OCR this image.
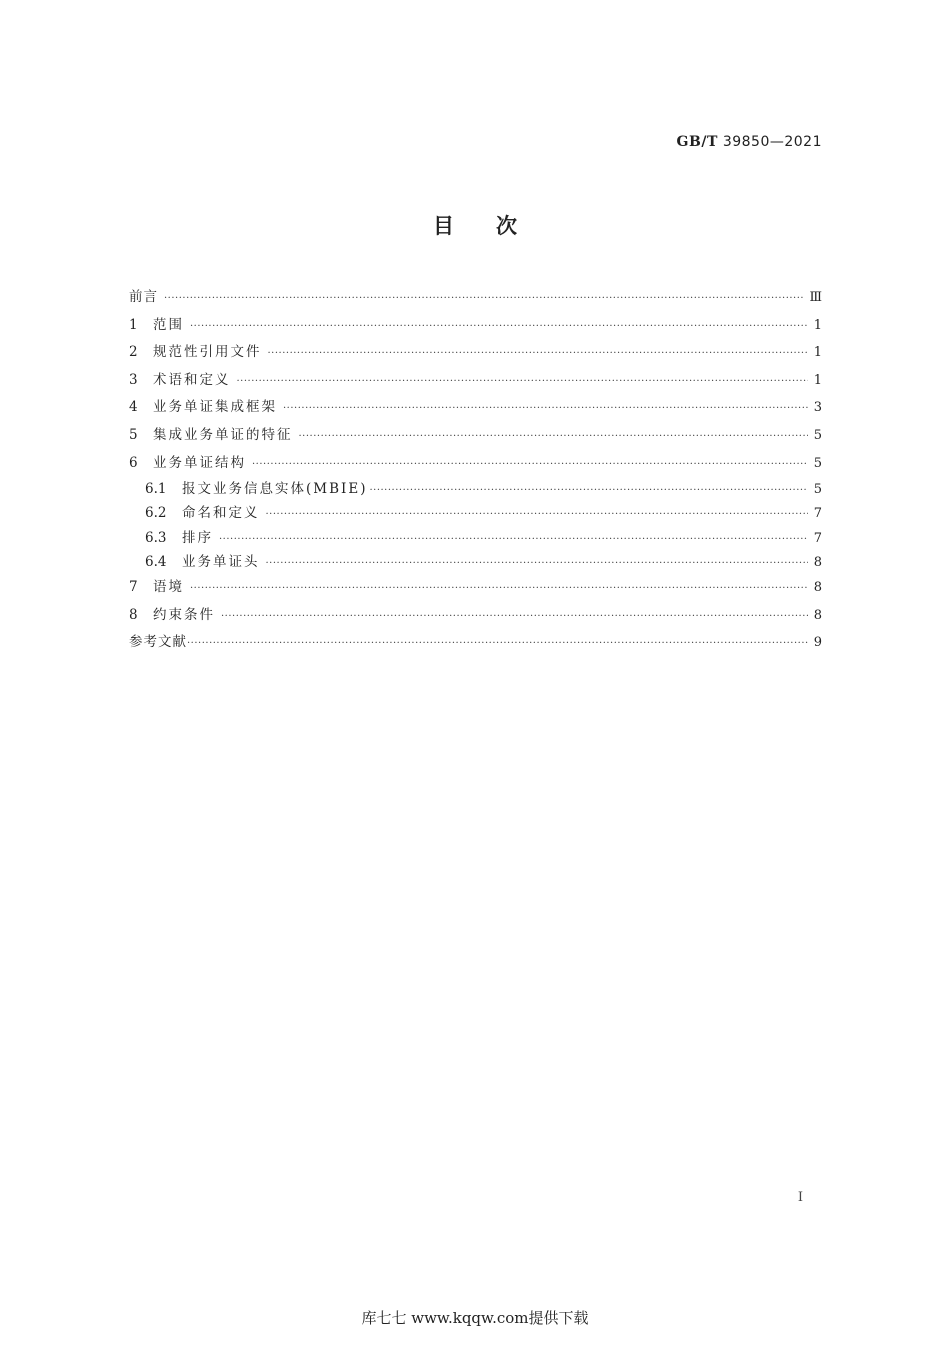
GB/T 39850—2021
目次
前言 ·····	Ⅲ
1	范围 ·····	1
2	规范性引用文件 ·····	1
3	术语和定义 ·····	1
4	业务单证集成框架 ·····	3
5	集成业务单证的特征 ·····	5
6	业务单证结构 ·····	5
6.1	报文业务信息实体(MBIE) ·····	5
6.2	命名和定义 ·····	7
6.3	排序 ·····	7
6.4	业务单证头 ·····	8
7	语境 ·····	8
8	约束条件 ·····	8
参考文献 ·····	9
I
库七七 www.kqqw.com提供下载
